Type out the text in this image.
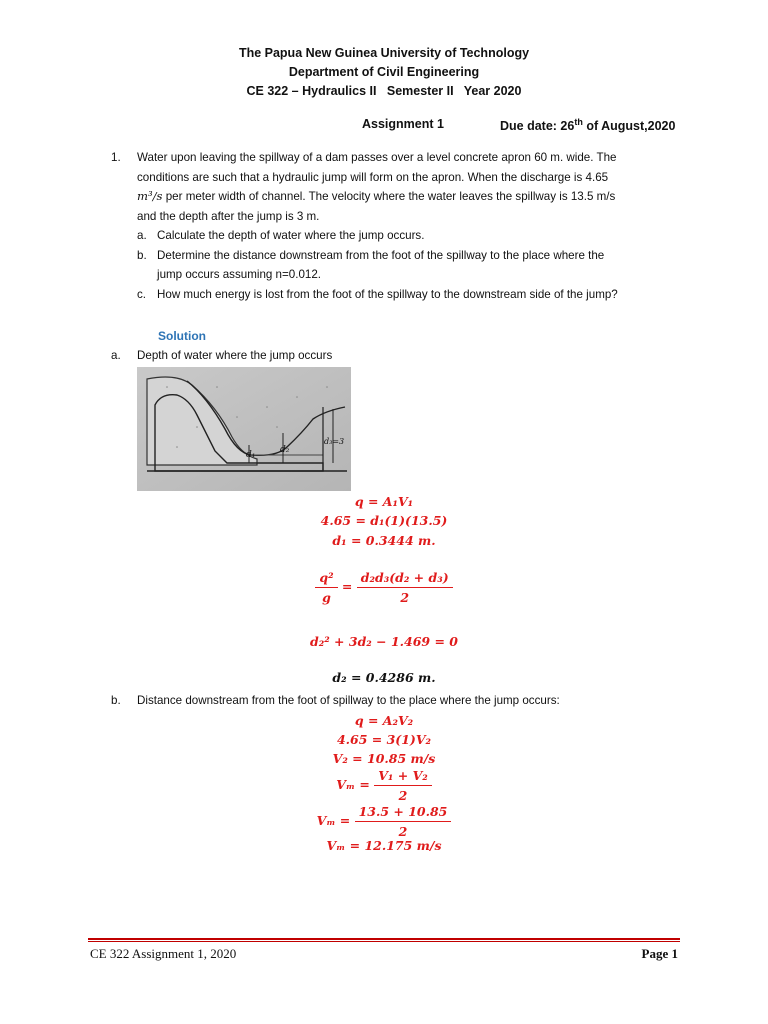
The Papua New Guinea University of Technology
Department of Civil Engineering
CE 322 – Hydraulics II   Semester II   Year 2020
Assignment 1	Due date: 26th of August,2020
1. Water upon leaving the spillway of a dam passes over a level concrete apron 60 m. wide. The
conditions are such that a hydraulic jump will form on the apron. When the discharge is 4.65
m³/s per meter width of channel. The velocity where the water leaves the spillway is 13.5 m/s
and the depth after the jump is 3 m.
a. Calculate the depth of water where the jump occurs.
b. Determine the distance downstream from the foot of the spillway to the place where the
jump occurs assuming n=0.012.
c. How much energy is lost from the foot of the spillway to the downstream side of the jump?
Solution
a. Depth of water where the jump occurs
d₁	d₂
d₃=3
q = A₁V₁
4.65 = d₁(1)(13.5)
d₁ = 0.3444 m.
$\frac{\text{q²}}{g} = \frac{\text{d₂d₃(d₂ + d₃)}}{2}$
d₂² + 3d₂ − 1.469 = 0
d₂ = 0.4286 m.
b. Distance downstream from the foot of spillway to the place where the jump occurs:
q = A₂V₂
4.65 = 3(1)V₂
V₂ = 10.85 m/s
$V_m = \frac{\text{V₁ + V₂}}{2}$
$V_m = \frac{13.5 + 10.85}{2}$
Vₘ = 12.175 m/s
CE 322 Assignment 1, 2020	Page 1
